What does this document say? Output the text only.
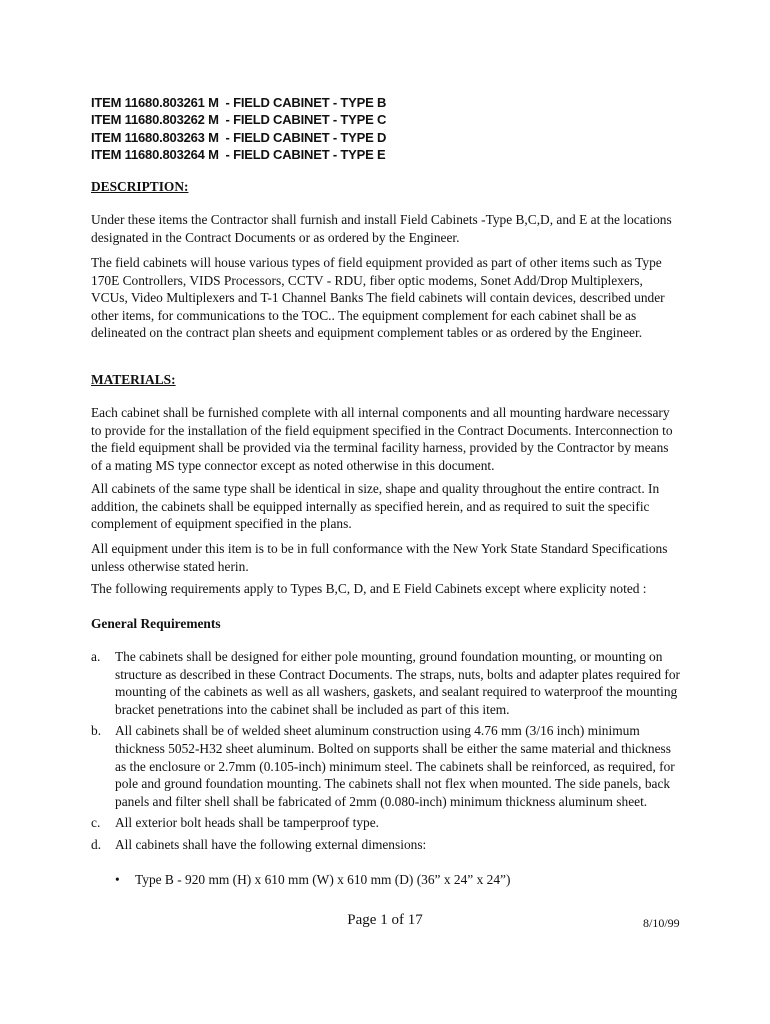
ITEM 11680.803261 M  - FIELD CABINET - TYPE B
ITEM 11680.803262 M  - FIELD CABINET - TYPE C
ITEM 11680.803263 M  - FIELD CABINET - TYPE D
ITEM 11680.803264 M  - FIELD CABINET - TYPE E
DESCRIPTION:
Under these items the Contractor shall furnish and install Field Cabinets -Type B,C,D, and E at the locations designated in the Contract Documents or as ordered by the Engineer.
The field cabinets will house various types of field equipment provided as part of other items such as Type 170E Controllers, VIDS Processors, CCTV - RDU, fiber optic modems, Sonet Add/Drop Multiplexers, VCUs, Video Multiplexers and T-1 Channel Banks The field cabinets will contain devices, described under other items, for communications to the TOC.. The equipment complement for each cabinet shall be as delineated on the contract plan sheets and equipment complement tables or as ordered by the Engineer.
MATERIALS:
Each cabinet shall be furnished complete with all internal components and all mounting hardware necessary to provide for the installation of the field equipment specified in the Contract Documents. Interconnection to the field equipment shall be provided via the terminal facility harness, provided by the Contractor by means of a mating MS type connector except as noted otherwise in this document.
All cabinets of the same type shall be identical in size, shape and quality throughout the entire contract. In addition, the cabinets shall be equipped internally as specified herein, and as required to suit the specific complement of equipment specified in the plans.
All equipment under this item is to be in full conformance with the New York State Standard Specifications unless otherwise stated herin.
The following requirements apply to Types B,C, D, and E Field Cabinets except where explicity noted :
General Requirements
a. The cabinets shall be designed for either pole mounting, ground foundation mounting, or mounting on structure as described in these Contract Documents. The straps, nuts, bolts and adapter plates required for mounting of the cabinets as well as all washers, gaskets, and sealant required to waterproof the mounting bracket penetrations into the cabinet shall be included as part of this item.
b. All cabinets shall be of welded sheet aluminum construction using 4.76 mm (3/16 inch) minimum thickness 5052-H32 sheet aluminum. Bolted on supports shall be either the same material and thickness as the enclosure or 2.7mm (0.105-inch) minimum steel. The cabinets shall be reinforced, as required, for pole and ground foundation mounting. The cabinets shall not flex when mounted. The side panels, back panels and filter shell shall be fabricated of 2mm (0.080-inch) minimum thickness aluminum sheet.
c. All exterior bolt heads shall be tamperproof type.
d. All cabinets shall have the following external dimensions:
• Type B - 920 mm (H) x 610 mm (W) x 610 mm (D) (36” x 24” x 24”)
Page 1 of 17	8/10/99
